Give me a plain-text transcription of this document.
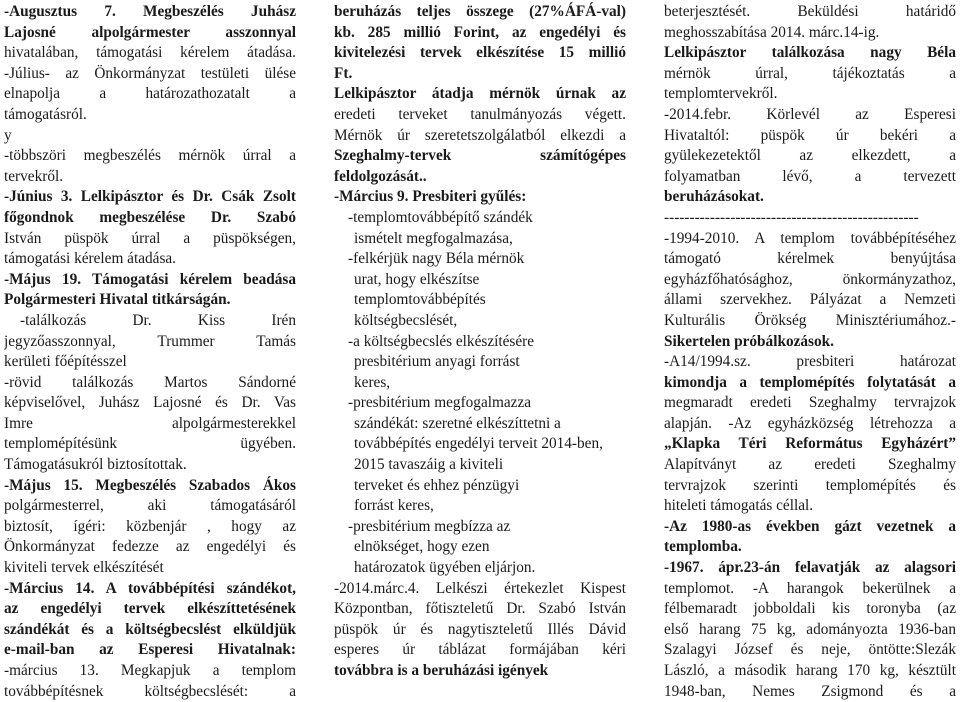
-Augusztus 7. Megbeszélés Juhász
Lajosné alpolgármester asszonnyal
hivatalában, támogatási kérelem átadása.
-Július- az Önkormányzat testületi ülése
elnapolja a határozathozatalt a
támogatásról.
y
-többszöri megbeszélés mérnök úrral a
tervekről.
-Június 3. Lelkipásztor és Dr. Csák Zsolt
főgondnok megbeszélése Dr. Szabó
István püspök úrral a püspökségen,
támogatási kérelem átadása.
-Május 19. Támogatási kérelem beadása
Polgármesteri Hivatal titkárságán.
-találkozás Dr. Kiss Irén
jegyzőasszonnyal, Trummer Tamás
kerületi főépítésszel
-rövid találkozás Martos Sándorné
képviselővel, Juhász Lajosné és Dr. Vas
Imre alpolgármesterekkel
templomépítésünk ügyében.
Támogatásukról biztosítottak.
-Május 15. Megbeszélés Szabados Ákos
polgármesterrel, aki támogatásáról
biztosít, ígéri: közbenjár , hogy az
Önkormányzat fedezze az engedélyi és
kiviteli tervek elkészítését
-Március 14. A továbbépítési szándékot,
az engedélyi tervek elkészíttetésének
szándékát és a költségbecslést elküldjük
e-mail-ban az Esperesi Hivatalnak:
-március 13. Megkapjuk a templom
továbbépítésnek költségbecslését: a
beruházás teljes összege (27%ÁFÁ-val)
kb. 285 millió Forint, az engedélyi és
kivitelezési tervek elkészítése 15 millió
Ft.
Lelkipásztor átadja mérnök úrnak az
eredeti terveket tanulmányozás végett.
Mérnök úr szeretetszolgálatból elkezdi a
Szeghalmy-tervek számítógépes
feldolgozását..
-Március 9. Presbiteri gyűlés:
-templomtovábbépítő szándék
ismételt megfogalmazása,
-felkérjük nagy Béla mérnök
urat, hogy elkészítse
templomtovábbépítés
költségbecslését,
-a költségbecslés elkészítésére
presbitérium anyagi forrást
keres,
-presbitérium megfogalmazza
szándékát: szeretné elkészíttetni a
továbbépítés engedélyi terveit 2014-ben,
2015 tavaszáig a kiviteli
terveket és ehhez pénzügyi
forrást keres,
-presbitérium megbízza az
elnökséget, hogy ezen
határozatok ügyében eljárjon.
-2014.márc.4. Lelkészi értekezlet Kispest
Központban, főtiszteletű Dr. Szabó István
püspök úr és nagytiszteletű Illés Dávid
esperes úr táblázat formájában kéri
továbbra is a beruházási igények
beterjesztését. Beküldési határidő
meghosszabítása 2014. márc.14-ig.
Lelkipásztor találkozása nagy Béla
mérnök úrral, tájékoztatás a
templomtervekről.
-2014.febr. Körlevél az Esperesi
Hivataltól: püspök úr bekéri a
gyülekezetektől az elkezdett, a
folyamatban lévő, a tervezett
beruházásokat.
--------------------------------------------------
-1994-2010. A templom továbbépítéséhez
támogató kérelmek benyújtása
egyházfőhatósághoz, önkormányzathoz,
állami szervekhez. Pályázat a Nemzeti
Kulturális Örökség Minisztériumához.-
Sikertelen próbálkozások.
-A14/1994.sz. presbiteri határozat
kimondja a templomépítés folytatását a
megmaradt eredeti Szeghalmy tervrajzok
alapján. -Az egyházközség létrehozza a
„Klapka Téri Református Egyházért”
Alapítványt az eredeti Szeghalmy
tervrajzok szerinti templomépítés és
hiteleti támogatás céllal.
-Az 1980-as években gázt vezetnek a
templomba.
-1967. ápr.23-án felavatják az alagsori
templomot. -A harangok bekerülnek a
félbemaradt jobboldali kis toronyba (az
első harang 75 kg, adományozta 1936-ban
Szalagyi József és neje, öntötte:Slezák
László, a második harang 170 kg, késztült
1948-ban, Nemes Zsigmond és a
